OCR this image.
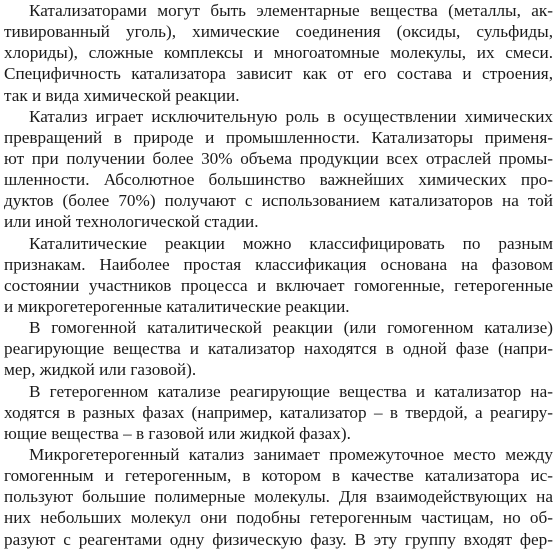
Катализаторами могут быть элементарные вещества (металлы, ак-
тивированный уголь), химические соединения (оксиды, сульфиды,
хлориды), сложные комплексы и многоатомные молекулы, их смеси.
Специфичность катализатора зависит как от его состава и строения,
так и вида химической реакции.
Катализ играет исключительную роль в осуществлении химических
превращений в природе и промышленности. Катализаторы применя-
ют при получении более 30% объема продукции всех отраслей промы-
шленности. Абсолютное большинство важнейших химических про-
дуктов (более 70%) получают с использованием катализаторов на той
или иной технологической стадии.
Каталитические реакции можно классифицировать по разным
признакам. Наиболее простая классификация основана на фазовом
состоянии участников процесса и включает гомогенные, гетерогенные
и микрогетерогенные каталитические реакции.
В гомогенной каталитической реакции (или гомогенном катализе)
реагирующие вещества и катализатор находятся в одной фазе (напри-
мер, жидкой или газовой).
В гетерогенном катализе реагирующие вещества и катализатор на-
ходятся в разных фазах (например, катализатор – в твердой, а реагиру-
ющие вещества – в газовой или жидкой фазах).
Микрогетерогенный катализ занимает промежуточное место между
гомогенным и гетерогенным, в котором в качестве катализатора ис-
пользуют большие полимерные молекулы. Для взаимодействующих на
них небольших молекул они подобны гетерогенным частицам, но об-
разуют с реагентами одну физическую фазу. В эту группу входят фер-
